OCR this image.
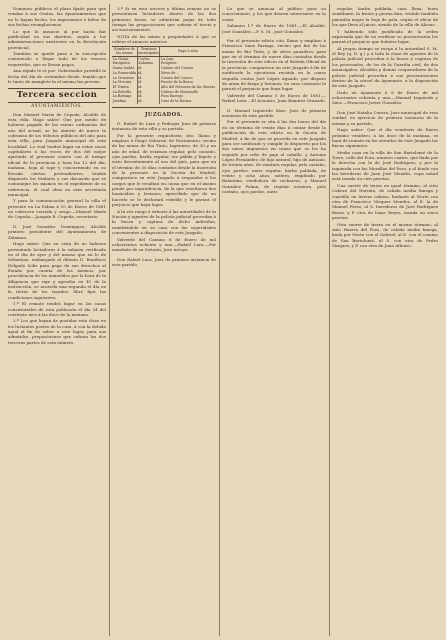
Dominios públicos el plazo fijado para que vendan á sus Gratas, las Ayuntamientos que no lo hayan hecho, los ingresantes é faltos de sus fechas reemplacemos.

Lo que lo anuncio al por hasta dar publicidad en sus distritos, según á los administraciones existentes en la Revolución provincial.

Tambien se quede para a la suscripción comunícalo a llegar todo de los tesoros requeridos, que se llevan pagos.

Ana rápido le et por: Gobernador presidió la fecha del día de costumbre desde, teníalo que le tanto de manglete la el mismo las previas.

Tercera seccion

AYUNTAMIENTOS.

Don Manuel María de Cepeda, Alcalde de esta villa. Hago saber: Que por medio de haberse pagado de las rentas ordinarias del año del actual, se ha abierto de nuevo la cobranza de los tributos públicos del año para esta villa, para Juzgado municipal de esta localidad. Lo cual tendrá lugar en estas casas capitulares á las veces de dos del mejor apretado el presente cuarto con el tiempo oficial de la provincia y hora las 12 del día, mañana, hoja al tope y concurriendo en su llevada ciertos pretendientes, tendrá dispuesto los titulares y sus discusión que se comunique los mismos en el expediente de su referencia, el cual obra en esta secretaría municipal.

Y para la comunicación general la villa el presente en La Palma á 10 de Enero de 1881 en cabecera cerrada y sesgo.—Manuel María de Cepeda.—Joaquín R. Cepeda, secretario.

D. José González Domínguez, Alcalde primero presidente del Ayuntamiento de Zalamea.

Hago saber: Que en vista de no haberse presentado licitadores á la subasta verificada en el día de ayer y del mismo que en lo de Sebastian, embargado al difunto D. Bonifacio Delgado Solis para pago de sus derechos al Estado por cuenta de los mismos, por procedencia de los inmuebles por la hora de la diligencia que rige y aprueba en 41 de la instrucción, se acuerda una segunda el día en la tierra de los tasados, libre fijar las condiciones siguientes:

1.ª El remate tendrá lugar en las casas consistoriales de esta población el día 24 del corriente mes á las doce de la mañana.

2.ª Los que hayan de postular esta clase en los licitantes postes de la casa, á con la debida igual al fin de saber a este lugar, para sus admitidos, proposiciones que cubran las dos terceras partes de esta número.

3.ª Si en esta tercera y última remate no se presentasen licitadores dentro de las dos primeras horas, se admitirán pujas de todo tiempo las proposiciones que cubran el tercio y así sucesivamente.

NOTA de las minas y propiedades á que se refiere el anuncio anterior.

Nombres de las minas	Términos municipales	Pago ó sitio			
La Gloria	Cortra	La Joya			
Enriqueta	Zalamea	Pesqueta			
Santa Isabel	id.	Cabezo del Cuervo			
La Esmeralda	id.	Mesa de...			
La Generosa	id.	Cuesta del Cuervo			
La Victoria	id.	Puerto de la Brusa			
El Trinita	id.	Alto del Mesones de las Sierras			
La Estrella	id.	Cabezo de Montosillo			
La Bornaja	id.	Pozo Barrajo			
Josefina	id.	Cruz de la Encina			
JUZGADOS.

D. Rafael de Lara y Pedrajas Juez de primera instancia de esta villa y su partido.

Por la presente requisitoria cito, llamo y emplazo á Diego Osborne, de Nacimiento, vecino de las minas de Rio Tinto, Ingeniero, de 30 y un año de edad, de estatura regular, pelo castaño, ojos pardos, barba regular, tez pálida y bigote y visto decentemente al uso del país, para que en el término de 30 días contados desde la inserción de la presente en la Gaceta de Madrid, comparezca en este Juzgado á responder á los cargos que le resultan en causa que en el mismo pende por imprudencia, de la que resultaron dos homicidios y lesiones; apercibido que de no hacerlo se le declarará rebelde y le parará el perjuicio que haya lugar.

A la vez ruego é exhorto á las autoridades de la Nación y agentes de la policía judicial procedan á la busca y captura de dicho individuo, remitiéndole en su caso con las seguridades convenientes á disposición de este Juzgado.

Valverde del Camino 8 de Enero de mil ochocientos ochenta y uno.—Rafael Lara.—Por mandado de su Señoría, José Arroyo.

Don Rafael Lara, Juez de primera instancia de este partido.

Lo que se anuncia al público para su conocimiento, y los que deseen interesarse en la venta.

Zalamea 1.º de Enero de 1881.—El Alcalde, José González.—P. S. M., José Gonzalez.

Por el presente edicto cito, llamo y emplazo á Francisco Sanz Pastaga, vecino que fué de las minas de Rio Tinto, y de oficio panadero, para que en el término de nueve días contados desde la inserción de este edicto en el Boletín Oficial de la provincia, comparezca en este Juzgado á fin de notificarle la ejecutoria recaida en la causa seguida contra José López Aguado, por disparo de arma de fuego y lesiones; en caso contrario le parará el perjuicio que haya lugar.

Valverde del Camino 5 de Enero de 1881.—Rafael Lara.—El Actuario, Juan Ramírez Granado.

D. Manuel Izquierdo Sáez, Juez de primera instancia de este partido.

Por el presente se cita á las dos horas del día en un término de veinte días á contar desde la publicación de este edicto en la Gaceta de Madrid, á fin de que se proceda en este Juzgado para ser notificado y cumplir lo dispuesto por los dos autos impuestos en causa que se les ha seguido por robo de paja al caballo, y Antonia López Fernández, de hijo natural, hijo de Antonio, de treinta años, de estatura regular, pelo castaño, ojos pardos, nariz regular, barba poblada, de veinte y ocho años, soltero, empleado por Balantina, vendedora de cacharros, y Manuel González Palma, de regular estatura, pelo castaño, ojos pardos, nariz

regular, barba poblada, cara llena, buen semblante, la frente y pierna fina, vestido también pantalón negro la hoja de pala, según el oficio de los que lleva al juicio, siendo de la villa de Alosno.

Y habiendo sido justificado de la orden expresada que de no verificar su presentación les parará el perjuicio que hubiere lugar.

Al propio tiempo se ruega á la autoridad S. M. el Rey (q. D. g.) y á toda la clase de agentes de la policía judicial procedan á la busca y captura de los procesados, de los de la Guardia civil, de dos municipales, Alcaldes y demás cooperadores de la policía judicial procedan á sus presentaciones dentro de la cárcel de Ayamonte, a la disposición de este Juzgado.

Dado en Ayamonte á 8 de Enero de mil ochocientos ochenta y uno.—Manuel Izquierdo y Sáez.—Francisco Javier González.

Don José Natalio Cerezo, Juez municipal de esta ciudad, en ejercicio de primera instancia de la misma y su partido.

Hago saber: Que el día veintiseis de Enero próximo venidero, á las doce de la mañana, se hará de remate en los estrados de este Juzgado las fincas siguientes:

Media casa en la villa de San Bartolomé de la Torre, calle del Pozo, número cuatro, que linda por la derecha con la de José Rodríguez, y por la izquierda con las Murallas del Pozo, y al fondo con las herederas de Juan José Mendez, cuya mitad está tasada en cien pesetas.

Una suerte de tierra en igual término, al sitio Cabezo del Hornito, de cabida media fanega y cuartillo en tierras calmas, lindante al Norte con otra de Francisco Vázquez Mendez, al E. la de Manuel Pérez, al S. herederos de José Rodríguez Barra, y P. otra de Isaac Reyes, tasada en cinco pesetas.

Otra suerte de tierra en el mismo término, al sitio Huerta del Pozo, de cabida media fanega, linda por Norte con el Gabriel, al E. con el camino de San Bartolomé, al S. con otra de Pedro Vázquez, y P. con otra de Juan Alfonso.
